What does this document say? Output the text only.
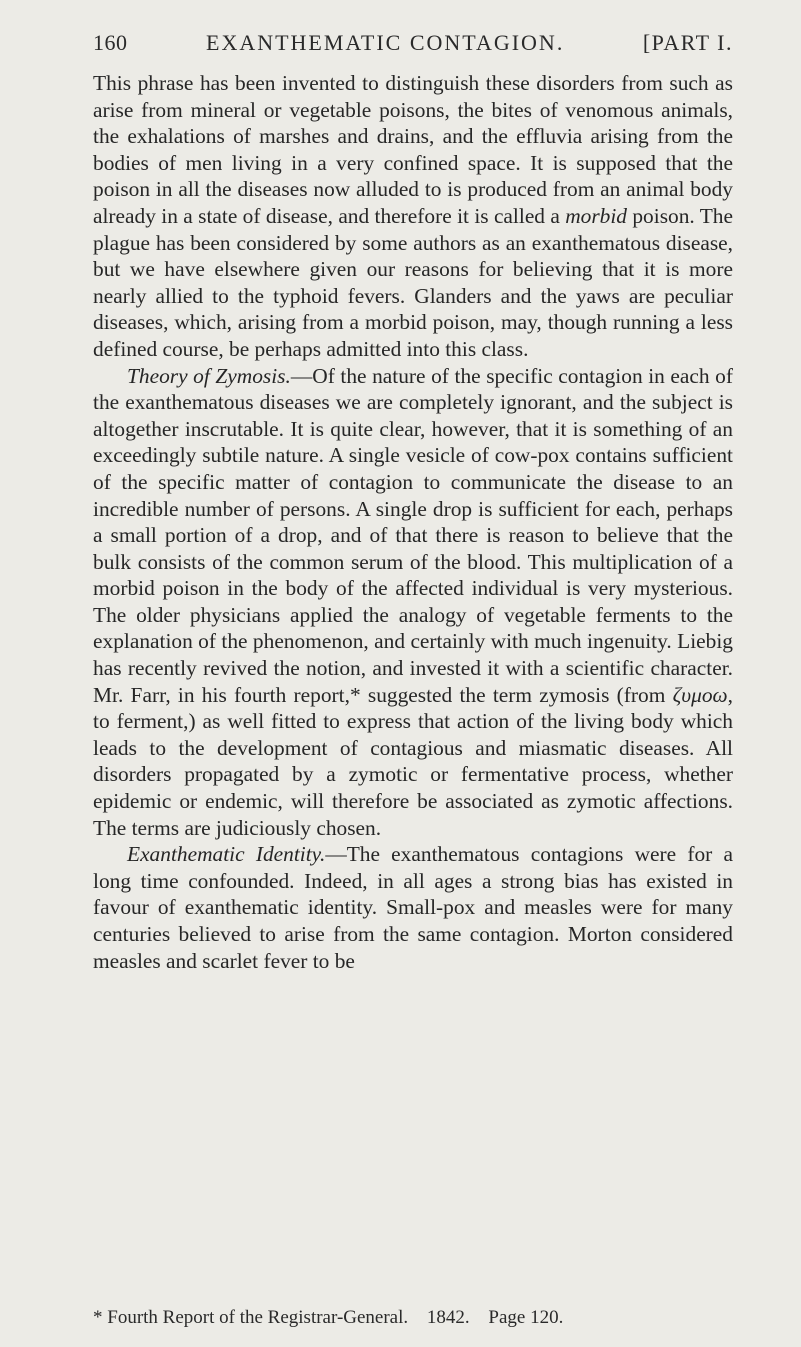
160	EXANTHEMATIC CONTAGION.	[PART I.

This phrase has been invented to distinguish these disorders from such as arise from mineral or vegetable poisons, the bites of venomous animals, the exhalations of marshes and drains, and the effluvia arising from the bodies of men living in a very confined space. It is supposed that the poison in all the diseases now alluded to is produced from an animal body already in a state of disease, and therefore it is called a morbid poison. The plague has been considered by some authors as an exanthematous disease, but we have elsewhere given our reasons for believing that it is more nearly allied to the typhoid fevers. Glanders and the yaws are peculiar diseases, which, arising from a morbid poison, may, though running a less defined course, be perhaps admitted into this class.

Theory of Zymosis.—Of the nature of the specific contagion in each of the exanthematous diseases we are completely ignorant, and the subject is altogether inscrutable. It is quite clear, however, that it is something of an exceedingly subtile nature. A single vesicle of cow-pox contains sufficient of the specific matter of contagion to communicate the disease to an incredible number of persons. A single drop is sufficient for each, perhaps a small portion of a drop, and of that there is reason to believe that the bulk consists of the common serum of the blood. This multiplication of a morbid poison in the body of the affected individual is very mysterious. The older physicians applied the analogy of vegetable ferments to the explanation of the phenomenon, and certainly with much ingenuity. Liebig has recently revived the notion, and invested it with a scientific character. Mr. Farr, in his fourth report,* suggested the term zymosis (from ζυμοω, to ferment,) as well fitted to express that action of the living body which leads to the development of contagious and miasmatic diseases. All disorders propagated by a zymotic or fermentative process, whether epidemic or endemic, will therefore be associated as zymotic affections. The terms are judiciously chosen.

Exanthematic Identity.—The exanthematous contagions were for a long time confounded. Indeed, in all ages a strong bias has existed in favour of exanthematic identity. Small-pox and measles were for many centuries believed to arise from the same contagion. Morton considered measles and scarlet fever to be

* Fourth Report of the Registrar-General. 1842. Page 120.
